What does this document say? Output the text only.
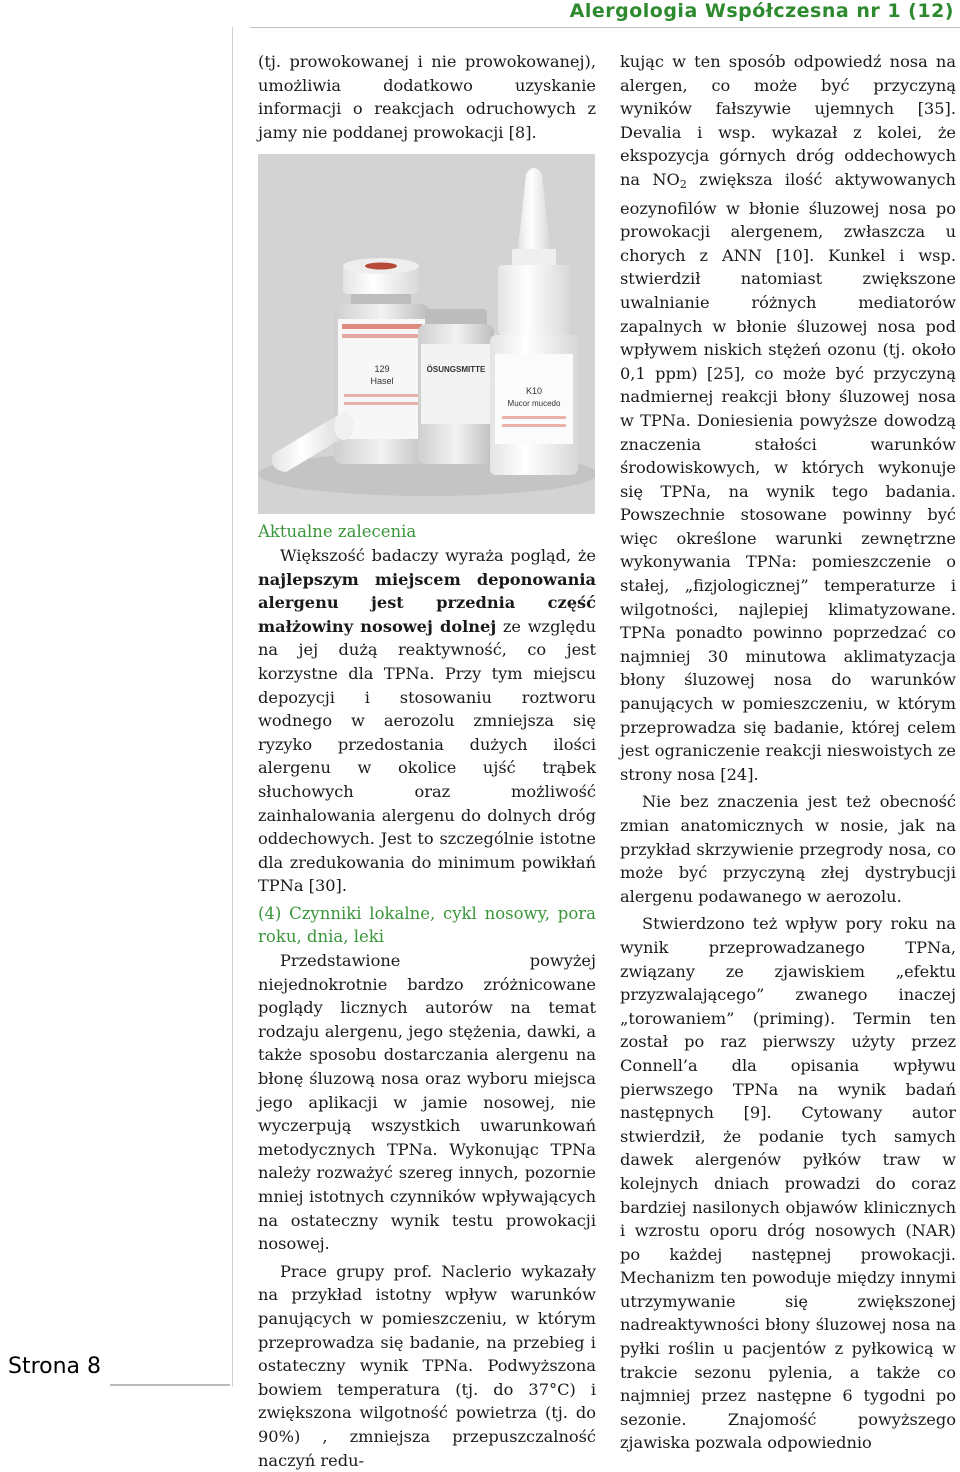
Alergologia Współczesna nr 1 (12)
Strona 8

(tj. prowokowanej i nie prowokowanej), umożliwia dodatkowo uzyskanie informacji o reakcjach odruchowych z jamy nie poddanej prowokacji [8].

129
Hasel
ÖSUNGSMITTE
K10
Mucor mucedo

Aktualne zalecenia

Większość badaczy wyraża pogląd, że najlepszym miejscem deponowania alergenu jest przednia część małżowiny nosowej dolnej ze względu na jej dużą reaktywność, co jest korzystne dla TPNa. Przy tym miejscu depozycji i stosowaniu roztworu wodnego w aerozolu zmniejsza się ryzyko przedostania dużych ilości alergenu w okolice ujść trąbek słuchowych oraz możliwość zainhalowania alergenu do dolnych dróg oddechowych. Jest to szczególnie istotne dla zredukowania do minimum powikłań TPNa [30].

(4) Czynniki lokalne, cykl nosowy, pora roku, dnia, leki

Przedstawione powyżej niejednokrotnie bardzo zróżnicowane poglądy licznych autorów na temat rodzaju alergenu, jego stężenia, dawki, a także sposobu dostarczania alergenu na błonę śluzową nosa oraz wyboru miejsca jego aplikacji w jamie nosowej, nie wyczerpują wszystkich uwarunkowań metodycznych TPNa. Wykonując TPNa należy rozważyć szereg innych, pozornie mniej istotnych czynników wpływających na ostateczny wynik testu prowokacji nosowej.

Prace grupy prof. Naclerio wykazały na przykład istotny wpływ warunków panujących w pomieszczeniu, w którym przeprowadza się badanie, na przebieg i ostateczny wynik TPNa. Podwyższona bowiem temperatura (tj. do 37°C) i zwiększona wilgotność powietrza (tj. do 90%) , zmniejsza przepuszczalność naczyń redu-

kując w ten sposób odpowiedź nosa na alergen, co może być przyczyną wyników fałszywie ujemnych [35]. Devalia i wsp. wykazał z kolei, że ekspozycja górnych dróg oddechowych na $NO_2$ zwiększa ilość aktywowanych eozynofilów w błonie śluzowej nosa po prowokacji alergenem, zwłaszcza u chorych z ANN [10]. Kunkel i wsp. stwierdził natomiast zwiększone uwalnianie różnych mediatorów zapalnych w błonie śluzowej nosa pod wpływem niskich stężeń ozonu (tj. około 0,1 ppm) [25], co może być przyczyną nadmiernej reakcji błony śluzowej nosa w TPNa. Doniesienia powyższe dowodzą znaczenia stałości warunków środowiskowych, w których wykonuje się TPNa, na wynik tego badania. Powszechnie stosowane powinny być więc określone warunki zewnętrzne wykonywania TPNa: pomieszczenie o stałej, „fizjologicznej” temperaturze i wilgotności, najlepiej klimatyzowane. TPNa ponadto powinno poprzedzać co najmniej 30 minutowa aklimatyzacja błony śluzowej nosa do warunków panujących w pomieszczeniu, w którym przeprowadza się badanie, której celem jest ograniczenie reakcji nieswoistych ze strony nosa [24].

Nie bez znaczenia jest też obecność zmian anatomicznych w nosie, jak na przykład skrzywienie przegrody nosa, co może być przyczyną złej dystrybucji alergenu podawanego w aerozolu.

Stwierdzono też wpływ pory roku na wynik przeprowadzanego TPNa, związany ze zjawiskiem „efektu przyzwalającego” zwanego inaczej „torowaniem” (priming). Termin ten został po raz pierwszy użyty przez Connell’a dla opisania wpływu pierwszego TPNa na wynik badań następnych [9]. Cytowany autor stwierdził, że podanie tych samych dawek alergenów pyłków traw w kolejnych dniach prowadzi do coraz bardziej nasilonych objawów klinicznych i wzrostu oporu dróg nosowych (NAR) po każdej następnej prowokacji. Mechanizm ten powoduje między innymi utrzymywanie się zwiększonej nadreaktywności błony śluzowej nosa na pyłki roślin u pacjentów z pyłkowicą w trakcie sezonu pylenia, a także co najmniej przez następne 6 tygodni po sezonie. Znajomość powyższego zjawiska pozwala odpowiednio
